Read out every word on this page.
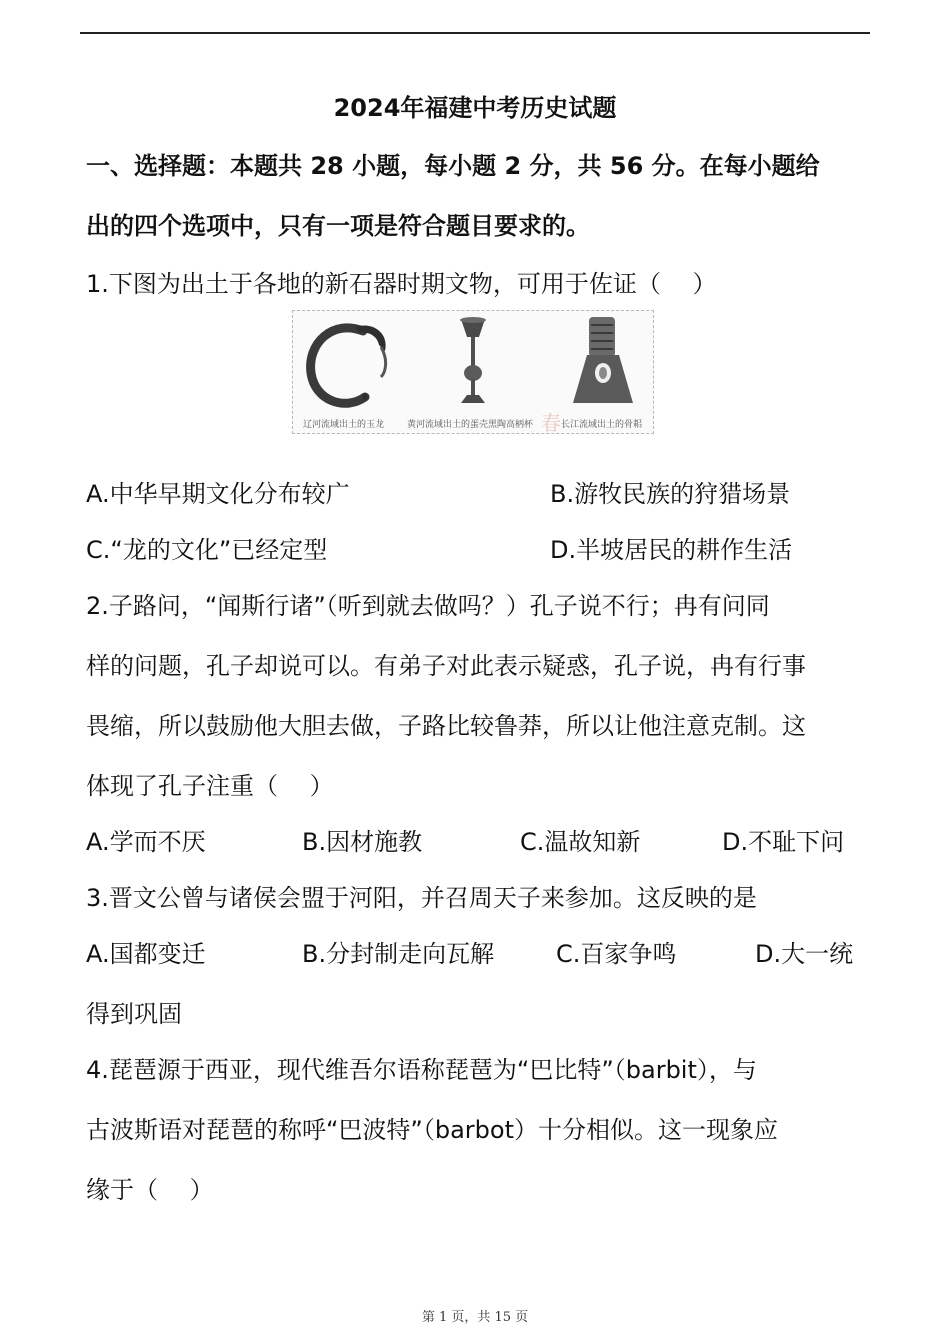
2024年福建中考历史试题
一、选择题：本题共 28 小题，每小题 2 分，共 56 分。在每小题给
出的四个选项中，只有一项是符合题目要求的。
1.下图为出土于各地的新石器时期文物，可用于佐证（　 ）
辽河流域出土的玉龙	黄河流域出土的蛋壳黑陶高柄杯	长江流域出土的骨耜
春
A.中华早期文化分布较广	B.游牧民族的狩猎场景
C.“龙的文化”已经定型	D.半坡居民的耕作生活
2.子路问，“闻斯行诸”（听到就去做吗？）孔子说不行；冉有问同
样的问题，孔子却说可以。有弟子对此表示疑惑，孔子说，冉有行事
畏缩，所以鼓励他大胆去做，子路比较鲁莽，所以让他注意克制。这
体现了孔子注重（　 ）
A.学而不厌	B.因材施教	C.温故知新	D.不耻下问
3.晋文公曾与诸侯会盟于河阳，并召周天子来参加。这反映的是
A.国都变迁	B.分封制走向瓦解	C.百家争鸣	D.大一统
得到巩固
4.琵琶源于西亚，现代维吾尔语称琵琶为“巴比特”（barbit），与
古波斯语对琵琶的称呼“巴波特”（barbot）十分相似。这一现象应
缘于（　 ）
第 1 页，共 15 页
